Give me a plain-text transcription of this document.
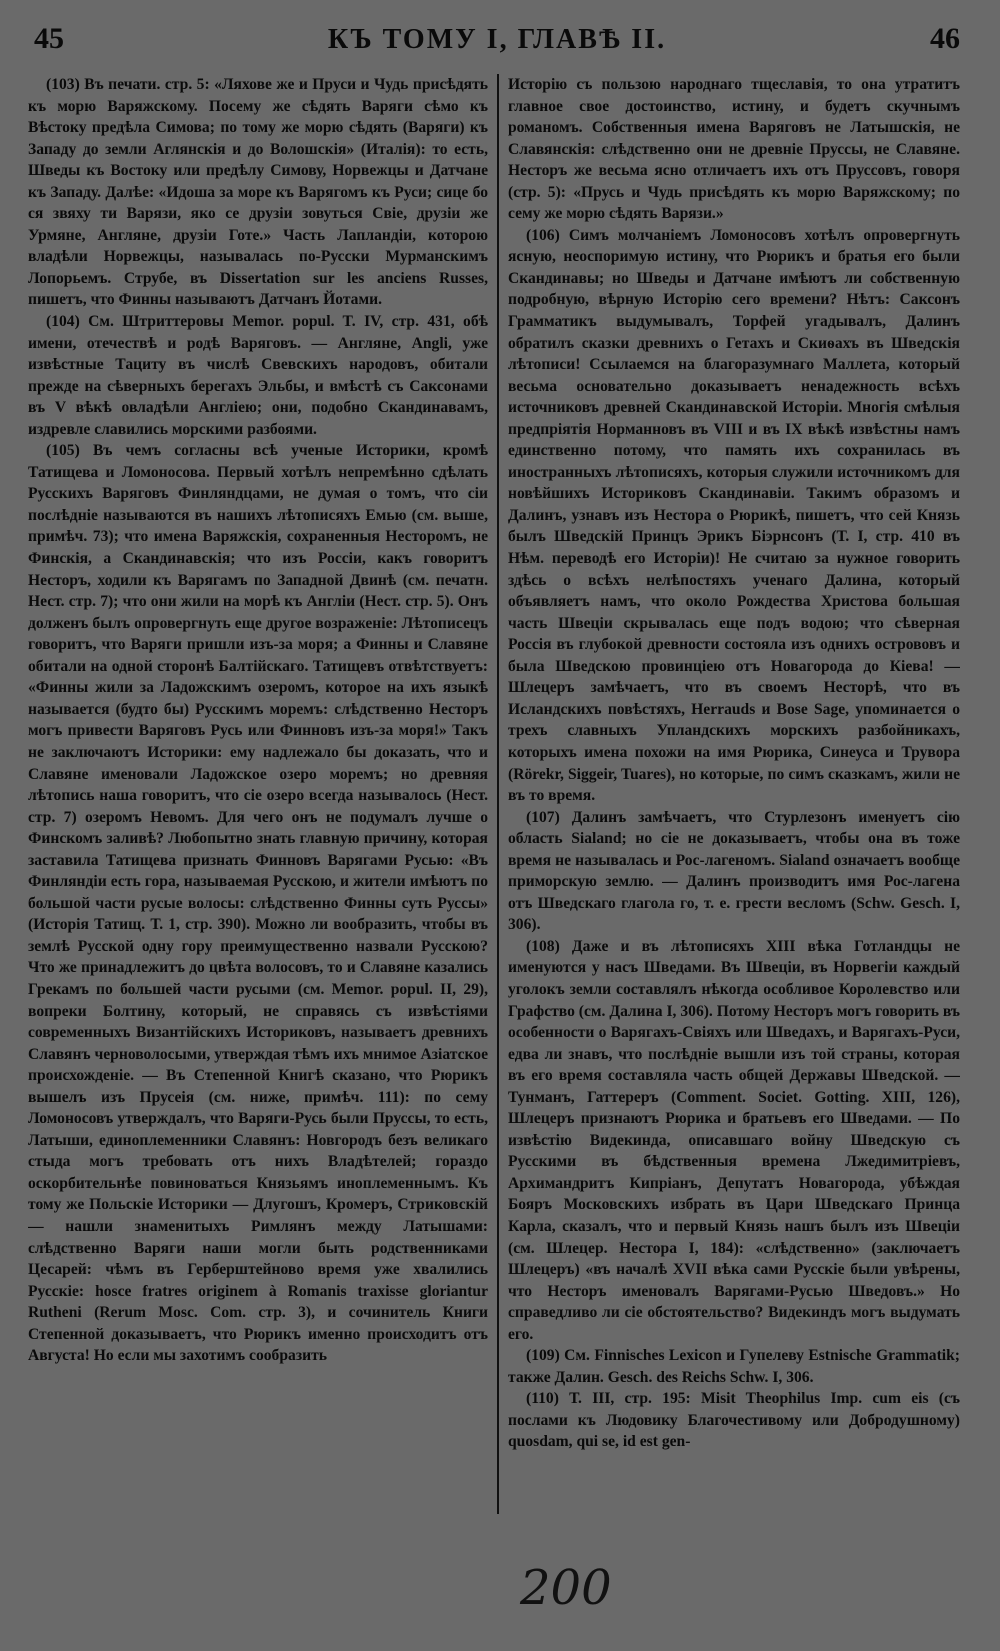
45	КЪ ТОМУ I, ГЛАВѢ II.	46

(103) Въ печати. стр. 5: «Ляхове же и Пруси и Чудь присѣдять къ морю Варяжскому. Посему же сѣдять Варяги сѣмо къ Вѣстоку предѣла Симова; по тому же морю сѣдять (Варяги) къ Западу до земли Аглянскія и до Волошскія» (Италія): то есть, Шведы къ Востоку или предѣлу Симову, Норвежцы и Датчане къ Западу. Далѣе: «Идоша за море къ Варягомъ къ Руси; сице бо ся звяху ти Варязи, яко се друзіи зовуться Свіе, друзіи же Урмяне, Англяне, друзіи Готе.» Часть Лапландіи, которою владѣли Норвежцы, называлась по-Русски Мурманскимъ Лопорьемъ. Струбе, въ Dissertation sur les anciens Russes, пишетъ, что Финны называютъ Датчанъ Йотами.

(104) См. Штриттеровы Memor. popul. T. IV, стр. 431, обѣ имени, отечествѣ и родѣ Варяговъ. — Англяне, Angli, уже извѣстные Тациту въ числѣ Свевскихъ народовъ, обитали прежде на сѣверныхъ берегахъ Эльбы, и вмѣстѣ съ Саксонами въ V вѣкѣ овладѣли Англіею; они, подобно Скандинавамъ, издревле славились морскими разбоями.

(105) Въ чемъ согласны всѣ ученые Историки, кромѣ Татищева и Ломоносова. Первый хотѣлъ непремѣнно сдѣлать Русскихъ Варяговъ Финляндцами, не думая о томъ, что сіи послѣдніе называются въ нашихъ лѣтописяхъ Емью (см. выше, примѣч. 73); что имена Варяжскія, сохраненныя Несторомъ, не Финскія, а Скандинавскія; что изъ Россіи, какъ говоритъ Несторъ, ходили къ Варягамъ по Западной Двинѣ (см. печатн. Нест. стр. 7); что они жили на морѣ къ Англіи (Нест. стр. 5). Онъ долженъ былъ опровергнуть еще другое возраженіе: Лѣтописецъ говоритъ, что Варяги пришли изъ-за моря; а Финны и Славяне обитали на одной сторонѣ Балтійскаго. Татищевъ отвѣтствуетъ: «Финны жили за Ладожскимъ озеромъ, которое на ихъ языкѣ называется (будто бы) Русскимъ моремъ: слѣдственно Несторъ могъ привести Варяговъ Русь или Финновъ изъ-за моря!» Такъ не заключаютъ Историки: ему надлежало бы доказать, что и Славяне именовали Ладожское озеро моремъ; но древняя лѣтопись наша говоритъ, что сіе озеро всегда называлось (Нест. стр. 7) озеромъ Невомъ. Для чего онъ не подумалъ лучше о Финскомъ заливѣ? Любопытно знать главную причину, которая заставила Татищева признать Финновъ Варягами Русью: «Въ Финляндіи есть гора, называемая Русскою, и жители имѣютъ по большой части русые волосы: слѣдственно Финны суть Руссы» (Исторія Татищ. Т. 1, стр. 390). Можно ли вообразить, чтобы въ землѣ Русской одну гору преимущественно назвали Русскою? Что же принадлежитъ до цвѣта волосовъ, то и Славяне казались Грекамъ по большей части русыми (см. Memor. popul. II, 29), вопреки Болтину, который, не справясь съ извѣстіями современныхъ Византійскихъ Историковъ, называетъ древнихъ Славянъ черноволосыми, утверждая тѣмъ ихъ мнимое Азіатское происхожденіе. — Въ Степенной Книгѣ сказано, что Рюрикъ вышелъ изъ Прусеія (см. ниже, примѣч. 111): по сему Ломоносовъ утверждалъ, что Варяги-Русь были Пруссы, то есть, Латыши, единоплеменники Славянъ: Новгородъ безъ великаго стыда могъ требовать отъ нихъ Владѣтелей; гораздо оскорбительнѣе повиноваться Князьямъ иноплеменнымъ. Къ тому же Польскіе Историки — Длугошъ, Кромеръ, Стриковскій — нашли знаменитыхъ Римлянъ между Латышами: слѣдственно Варяги наши могли быть родственниками Цесарей: чѣмъ въ Герберштейновo время уже хвалились Русскіе: hosce fratres originem à Romanis traxisse gloriantur Rutheni (Rerum Mosc. Com. стр. 3), и сочинитель Книги Степенной доказываетъ, что Рюрикъ именно происходитъ отъ Августа! Но если мы захотимъ сообразить

Исторію съ пользою народнаго тщеславія, то она утратитъ главное свое достоинство, истину, и будетъ скучнымъ романомъ. Собственныя имена Варяговъ не Латышскія, не Славянскія: слѣдственно они не древніе Пруссы, не Славяне. Несторъ же весьма ясно отличаетъ ихъ отъ Пруссовъ, говоря (стр. 5): «Прусь и Чудь присѣдять къ морю Варяжскому; по сему же морю сѣдять Варязи.»

(106) Симъ молчаніемъ Ломоносовъ хотѣлъ опровергнуть ясную, неоспоримую истину, что Рюрикъ и братья его были Скандинавы; но Шведы и Датчане имѣютъ ли собственную подробную, вѣрную Исторію сего времени? Нѣтъ: Саксонъ Грамматикъ выдумывалъ, Торфей угадывалъ, Далинъ обратилъ сказки древнихъ о Гетахъ и Скиѳахъ въ Шведскія лѣтописи! Ссылаемся на благоразумнаго Маллета, который весьма основательно доказываетъ ненадежность всѣхъ источниковъ древней Скандинавской Исторіи. Многія смѣлыя предпріятія Норманновъ въ VIII и въ IX вѣкѣ извѣстны намъ единственно потому, что память ихъ сохранилась въ иностранныхъ лѣтописяхъ, которыя служили источникомъ для новѣйшихъ Историковъ Скандинавіи. Такимъ образомъ и Далинъ, узнавъ изъ Нестора о Рюрикѣ, пишетъ, что сей Князь былъ Шведскій Принцъ Эрикъ Біэрнсонъ (Т. I, стр. 410 въ Нѣм. переводѣ его Исторіи)! Не считаю за нужное говорить здѣсь о всѣхъ нелѣпостяхъ ученаго Далина, который объявляетъ намъ, что около Рождества Христова большая часть Швеціи скрывалась еще подъ водою; что сѣверная Россія въ глубокой древности состояла изъ однихъ острововъ и была Шведскою провинціею отъ Новагорода до Кіева! — Шлецеръ замѣчаетъ, что въ своемъ Несторѣ, что въ Исландскихъ повѣстяхъ, Herrauds и Bose Sage, упоминается о трехъ славныхъ Упландскихъ морскихъ разбойникахъ, которыхъ имена похожи на имя Рюрика, Синеуса и Трувора (Rörekr, Siggeir, Tuares), но которые, по симъ сказкамъ, жили не въ то время.

(107) Далинъ замѣчаетъ, что Стурлезонъ именуетъ сію область Sialand; но сіе не доказываетъ, чтобы она въ тоже время не называлась и Рос-лагеномъ. Sialand означаетъ вообще приморскую землю. — Далинъ производитъ имя Рос-лагена отъ Шведскаго глагола го, т. е. грести весломъ (Schw. Gesch. I, 306).

(108) Даже и въ лѣтописяхъ XIII вѣка Готландцы не именуются у насъ Шведами. Въ Швеціи, въ Норвегіи каждый уголокъ земли составлялъ нѣкогда особливое Королевство или Графство (см. Далина I, 306). Потому Несторъ могъ говорить въ особенности о Варягахъ-Свіяхъ или Шведахъ, и Варягахъ-Руси, едва ли знавъ, что послѣдніе вышли изъ той страны, которая въ его время составляла часть общей Державы Шведской. — Тунманъ, Гаттереръ (Comment. Societ. Gotting. XIII, 126), Шлецеръ признаютъ Рюрика и братьевъ его Шведами. — По извѣстію Видекинда, описавшаго войну Шведскую съ Русскими въ бѣдственныя времена Лжедимитріевъ, Архимандритъ Кипріанъ, Депутатъ Новагорода, убѣждая Бояръ Московскихъ избрать въ Цари Шведскаго Принца Карла, сказалъ, что и первый Князь нашъ былъ изъ Швеціи (см. Шлецер. Нестора I, 184): «слѣдственно» (заключаетъ Шлецеръ) «въ началѣ XVII вѣка сами Русскіе были увѣрены, что Несторъ именовалъ Варягами-Русью Шведовъ.» Но справедливо ли сіе обстоятельство? Видекиндъ могъ выдумать его.

(109) См. Finnisches Lexicon и Гупелеву Estnische Grammatik; также Далин. Gesch. des Reichs Schw. I, 306.

(110) Т. III, стр. 195: Misit Theophilus Imp. cum eis (съ послами къ Людовику Благочестивому или Добродушному) quosdam, qui se, id est gen-

200
